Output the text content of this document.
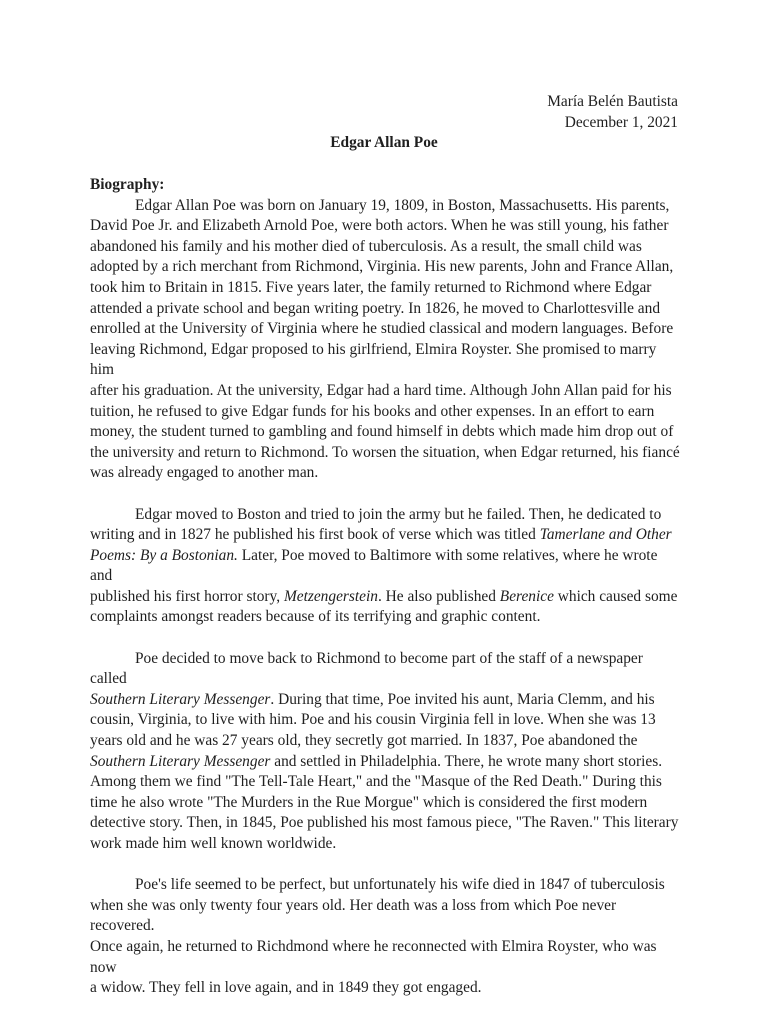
María Belén Bautista
December 1, 2021
Edgar Allan Poe
Biography:

Edgar Allan Poe was born on January 19, 1809, in Boston, Massachusetts. His parents,
David Poe Jr. and Elizabeth Arnold Poe, were both actors. When he was still young, his father
abandoned his family and his mother died of tuberculosis. As a result, the small child was
adopted by a rich merchant from Richmond, Virginia. His new parents, John and France Allan,
took him to Britain in 1815. Five years later, the family returned to Richmond where Edgar
attended a private school and began writing poetry. In 1826, he moved to Charlottesville and
enrolled at the University of Virginia where he studied classical and modern languages. Before
leaving Richmond, Edgar proposed to his girlfriend, Elmira Royster. She promised to marry him
after his graduation. At the university, Edgar had a hard time. Although John Allan paid for his
tuition, he refused to give Edgar funds for his books and other expenses. In an effort to earn
money, the student turned to gambling and found himself in debts which made him drop out of
the university and return to Richmond. To worsen the situation, when Edgar returned, his fiancé
was already engaged to another man.

Edgar moved to Boston and tried to join the army but he failed. Then, he dedicated to
writing and in 1827 he published his first book of verse which was titled Tamerlane and Other
Poems: By a Bostonian. Later, Poe moved to Baltimore with some relatives, where he wrote and
published his first horror story, Metzengerstein. He also published Berenice which caused some
complaints amongst readers because of its terrifying and graphic content.

Poe decided to move back to Richmond to become part of the staff of a newspaper called
Southern Literary Messenger. During that time, Poe invited his aunt, Maria Clemm, and his
cousin, Virginia, to live with him. Poe and his cousin Virginia fell in love. When she was 13
years old and he was 27 years old, they secretly got married. In 1837, Poe abandoned the
Southern Literary Messenger and settled in Philadelphia. There, he wrote many short stories.
Among them we find "The Tell-Tale Heart," and the "Masque of the Red Death." During this
time he also wrote "The Murders in the Rue Morgue" which is considered the first modern
detective story. Then, in 1845, Poe published his most famous piece, "The Raven." This literary
work made him well known worldwide.

Poe's life seemed to be perfect, but unfortunately his wife died in 1847 of tuberculosis
when she was only twenty four years old. Her death was a loss from which Poe never recovered.
Once again, he returned to Richdmond where he reconnected with Elmira Royster, who was now
a widow. They fell in love again, and in 1849 they got engaged.
